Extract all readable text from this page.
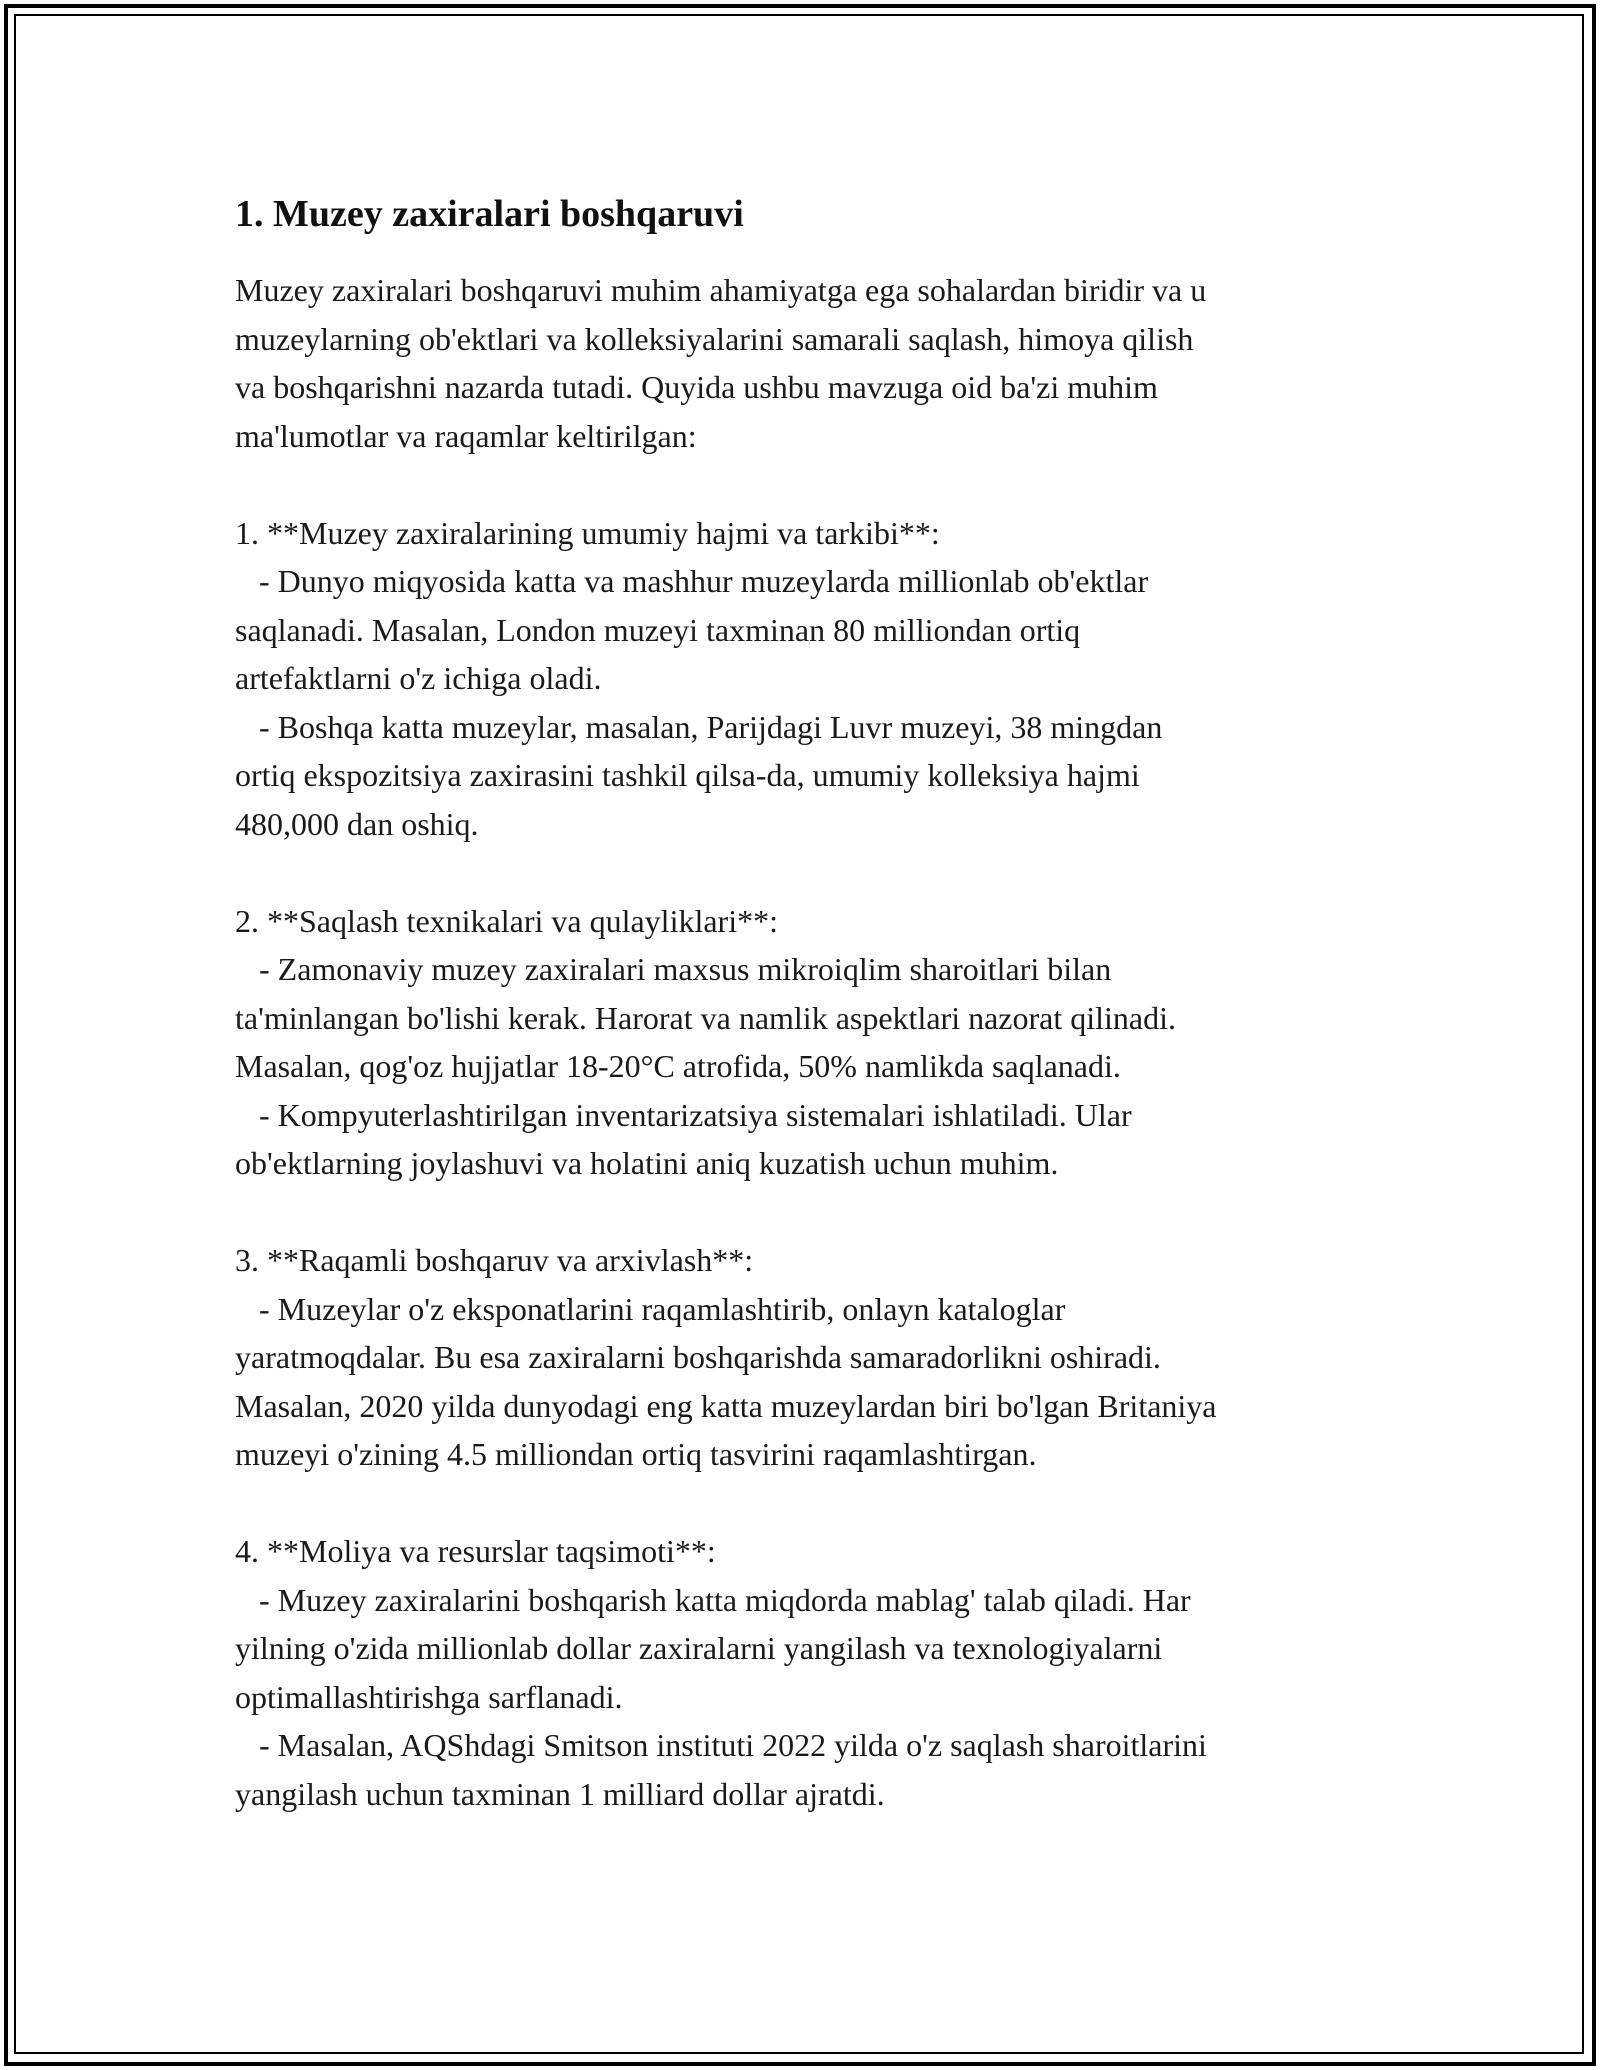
1. Muzey zaxiralari boshqaruvi

Muzey zaxiralari boshqaruvi muhim ahamiyatga ega sohalardan biridir va u
muzeylarning ob'ektlari va kolleksiyalarini samarali saqlash, himoya qilish
va boshqarishni nazarda tutadi. Quyida ushbu mavzuga oid ba'zi muhim
ma'lumotlar va raqamlar keltirilgan:

1. **Muzey zaxiralarining umumiy hajmi va tarkibi**:

- Dunyo miqyosida katta va mashhur muzeylarda millionlab ob'ektlar
saqlanadi. Masalan, London muzeyi taxminan 80 milliondan ortiq
artefaktlarni o'z ichiga oladi.

- Boshqa katta muzeylar, masalan, Parijdagi Luvr muzeyi, 38 mingdan
ortiq ekspozitsiya zaxirasini tashkil qilsa-da, umumiy kolleksiya hajmi
480,000 dan oshiq.

2. **Saqlash texnikalari va qulayliklari**:

- Zamonaviy muzey zaxiralari maxsus mikroiqlim sharoitlari bilan
ta'minlangan bo'lishi kerak. Harorat va namlik aspektlari nazorat qilinadi.
Masalan, qog'oz hujjatlar 18-20°C atrofida, 50% namlikda saqlanadi.

- Kompyuterlashtirilgan inventarizatsiya sistemalari ishlatiladi. Ular
ob'ektlarning joylashuvi va holatini aniq kuzatish uchun muhim.

3. **Raqamli boshqaruv va arxivlash**:

- Muzeylar o'z eksponatlarini raqamlashtirib, onlayn kataloglar
yaratmoqdalar. Bu esa zaxiralarni boshqarishda samaradorlikni oshiradi.
Masalan, 2020 yilda dunyodagi eng katta muzeylardan biri bo'lgan Britaniya
muzeyi o'zining 4.5 milliondan ortiq tasvirini raqamlashtirgan.

4. **Moliya va resurslar taqsimoti**:

- Muzey zaxiralarini boshqarish katta miqdorda mablag' talab qiladi. Har
yilning o'zida millionlab dollar zaxiralarni yangilash va texnologiyalarni
optimallashtirishga sarflanadi.

- Masalan, AQShdagi Smitson instituti 2022 yilda o'z saqlash sharoitlarini
yangilash uchun taxminan 1 milliard dollar ajratdi.
